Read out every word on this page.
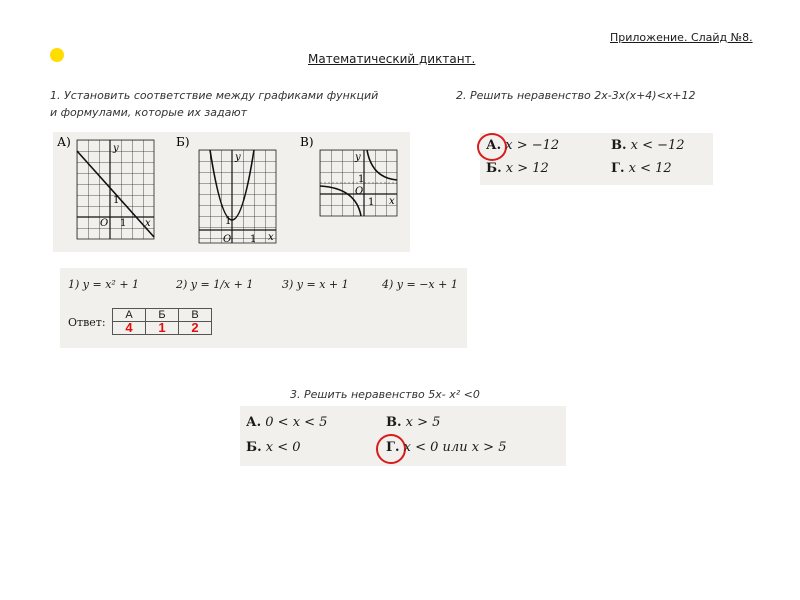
Приложение. Слайд №8.
Математический диктант.
1. Установить соответствие между графиками функций
и формулами, которые их задают
2. Решить неравенство 2x-3x(x+4)<x+12
А)	y
x
1
1
O
Б)
y
x
1
1
O
В)
y
x
1
1
O
1) y = x² + 1	2) y = 1/x + 1	3) y = x + 1	4) y = −x + 1
Ответ:
А	Б	В
4	1	2
А. x > −12	В. x < −12
Б. x > 12	Г. x < 12
3. Решить неравенство 5x- x² <0
А. 0 < x < 5	В. x > 5
Б. x < 0	Г. x < 0 или x > 5
